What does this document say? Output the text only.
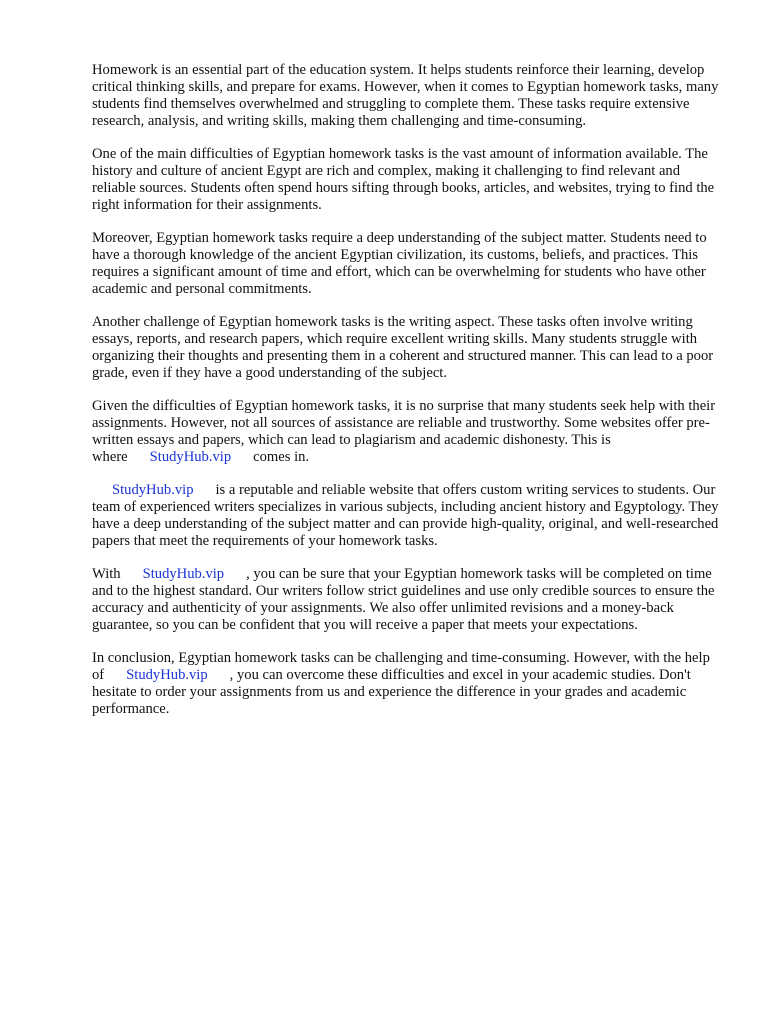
Homework is an essential part of the education system. It helps students reinforce their learning, develop critical thinking skills, and prepare for exams. However, when it comes to Egyptian homework tasks, many students find themselves overwhelmed and struggling to complete them. These tasks require extensive research, analysis, and writing skills, making them challenging and time-consuming.

One of the main difficulties of Egyptian homework tasks is the vast amount of information available. The history and culture of ancient Egypt are rich and complex, making it challenging to find relevant and reliable sources. Students often spend hours sifting through books, articles, and websites, trying to find the right information for their assignments.

Moreover, Egyptian homework tasks require a deep understanding of the subject matter. Students need to have a thorough knowledge of the ancient Egyptian civilization, its customs, beliefs, and practices. This requires a significant amount of time and effort, which can be overwhelming for students who have other academic and personal commitments.

Another challenge of Egyptian homework tasks is the writing aspect. These tasks often involve writing essays, reports, and research papers, which require excellent writing skills. Many students struggle with organizing their thoughts and presenting them in a coherent and structured manner. This can lead to a poor grade, even if they have a good understanding of the subject.

Given the difficulties of Egyptian homework tasks, it is no surprise that many students seek help with their assignments. However, not all sources of assistance are reliable and trustworthy. Some websites offer pre-written essays and papers, which can lead to plagiarism and academic dishonesty. This is where StudyHub.vip comes in.

StudyHub.vip is a reputable and reliable website that offers custom writing services to students. Our team of experienced writers specializes in various subjects, including ancient history and Egyptology. They have a deep understanding of the subject matter and can provide high-quality, original, and well-researched papers that meet the requirements of your homework tasks.

With StudyHub.vip , you can be sure that your Egyptian homework tasks will be completed on time and to the highest standard. Our writers follow strict guidelines and use only credible sources to ensure the accuracy and authenticity of your assignments. We also offer unlimited revisions and a money-back guarantee, so you can be confident that you will receive a paper that meets your expectations.

In conclusion, Egyptian homework tasks can be challenging and time-consuming. However, with the help of StudyHub.vip , you can overcome these difficulties and excel in your academic studies. Don't hesitate to order your assignments from us and experience the difference in your grades and academic performance.
